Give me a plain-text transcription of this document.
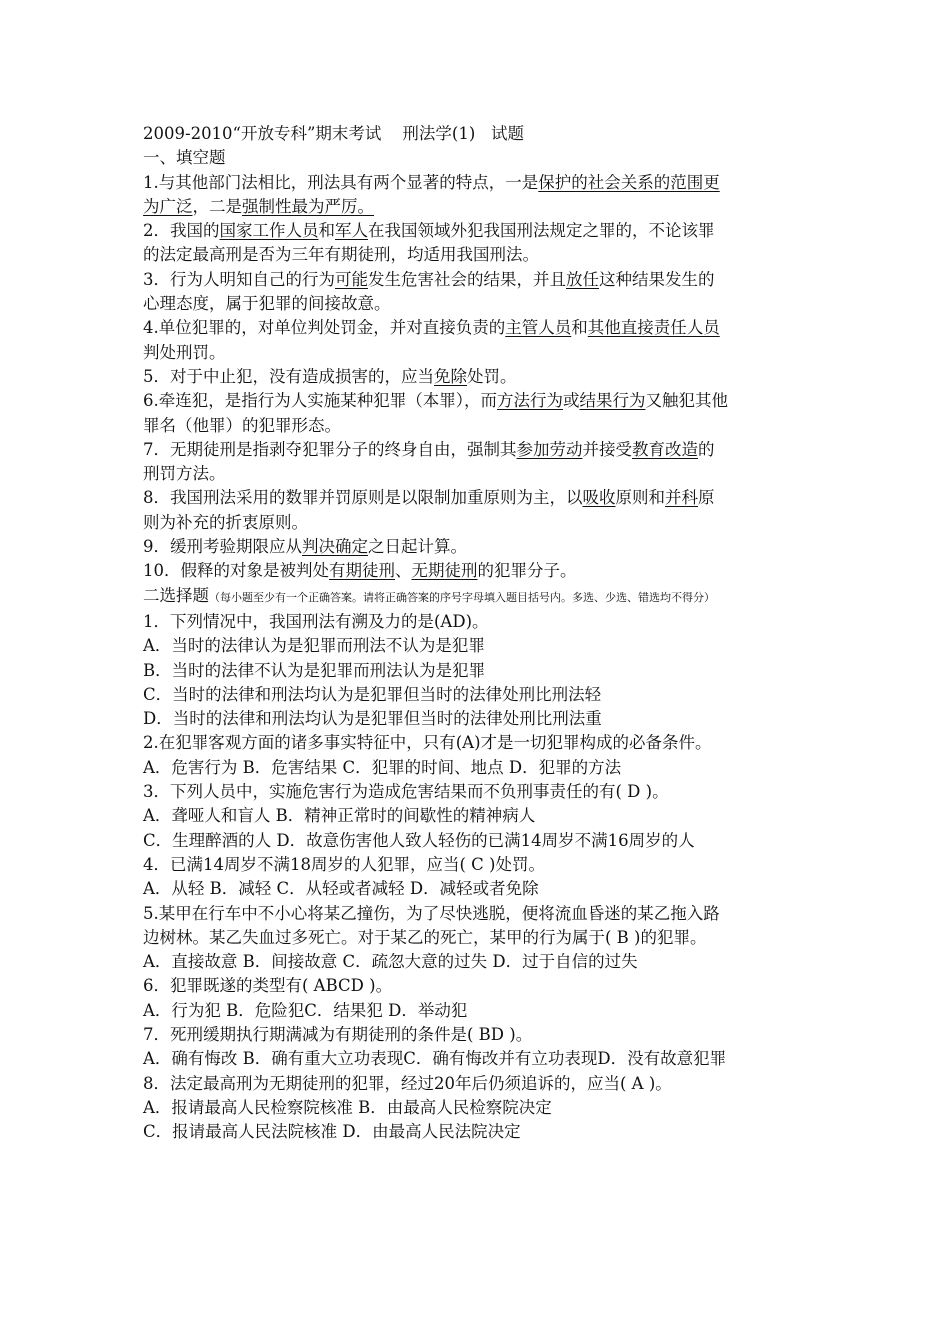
2009-2010“开放专科”期末考试    刑法学(1)   试题
一、填空题
1.与其他部门法相比，刑法具有两个显著的特点，一是保护的社会关系的范围更
为广泛，二是强制性最为严厉。
2．我国的国家工作人员和军人在我国领域外犯我国刑法规定之罪的，不论该罪
的法定最高刑是否为三年有期徒刑，均适用我国刑法。
3．行为人明知自己的行为可能发生危害社会的结果，并且放任这种结果发生的
心理态度，属于犯罪的间接故意。
4.单位犯罪的，对单位判处罚金，并对直接负责的主管人员和其他直接责任人员
判处刑罚。
5．对于中止犯，没有造成损害的，应当免除处罚。
6.牵连犯，是指行为人实施某种犯罪（本罪），而方法行为或结果行为又触犯其他
罪名（他罪）的犯罪形态。
7．无期徒刑是指剥夺犯罪分子的终身自由，强制其参加劳动并接受教育改造的
刑罚方法。
8．我国刑法采用的数罪并罚原则是以限制加重原则为主，以吸收原则和并科原
则为补充的折衷原则。
9．缓刑考验期限应从判决确定之日起计算。
10．假释的对象是被判处有期徒刑、无期徒刑的犯罪分子。
二选择题（每小题至少有一个正确答案。请将正确答案的序号字母填入题目括号内。多选、少选、错选均不得分）
1．下列情况中，我国刑法有溯及力的是(AD)。
A．当时的法律认为是犯罪而刑法不认为是犯罪
B．当时的法律不认为是犯罪而刑法认为是犯罪
C．当时的法律和刑法均认为是犯罪但当时的法律处刑比刑法轻
D．当时的法律和刑法均认为是犯罪但当时的法律处刑比刑法重
2.在犯罪客观方面的诸多事实特征中，只有(A)才是一切犯罪构成的必备条件。
A．危害行为 B．危害结果 C．犯罪的时间、地点 D．犯罪的方法
3．下列人员中，实施危害行为造成危害结果而不负刑事责任的有( D )。
A．聋哑人和盲人 B．精神正常时的间歇性的精神病人
C．生理醉酒的人 D．故意伤害他人致人轻伤的已满14周岁不满16周岁的人
4．已满14周岁不满18周岁的人犯罪，应当( C )处罚。
A．从轻 B．减轻 C．从轻或者减轻 D．减轻或者免除
5.某甲在行车中不小心将某乙撞伤，为了尽快逃脱，便将流血昏迷的某乙拖入路
边树林。某乙失血过多死亡。对于某乙的死亡，某甲的行为属于( B )的犯罪。
A．直接故意 B．间接故意 C．疏忽大意的过失 D．过于自信的过失
6．犯罪既遂的类型有( ABCD )。
A．行为犯 B．危险犯C．结果犯 D．举动犯
7．死刑缓期执行期满减为有期徒刑的条件是( BD )。
A．确有悔改 B．确有重大立功表现C．确有悔改并有立功表现D．没有故意犯罪
8．法定最高刑为无期徒刑的犯罪，经过20年后仍须追诉的，应当( A )。
A．报请最高人民检察院核准 B．由最高人民检察院决定
C．报请最高人民法院核准 D．由最高人民法院决定
